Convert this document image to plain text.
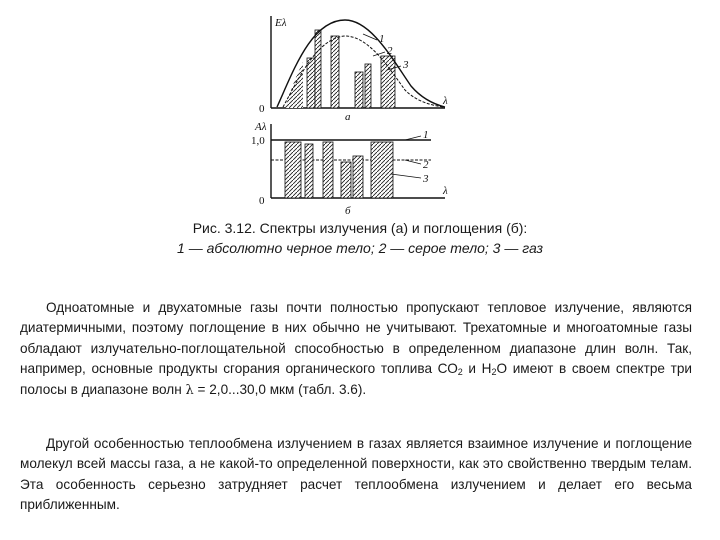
Eλ
0
λ
1
2
3
а
Aλ
1,0
0
λ
1
2
3
б
Рис. 3.12. Спектры излучения (а) и поглощения (б):
1 — абсолютно черное тело; 2 — серое тело; 3 — газ

Одноатомные и двухатомные газы почти полностью пропускают тепловое излучение, являются диатермичными, поэтому поглощение в них обычно не учитывают. Трехатомные и многоатомные газы обладают излучательно-поглощательной способностью в определенном диапазоне длин волн. Так, например, основные продукты сгорания органического топлива $СО_2$ и $Н_2О$ имеют в своем спектре три полосы в диапазоне волн λ = 2,0...30,0 мкм (табл. 3.6).

Другой особенностью теплообмена излучением в газах является взаимное излучение и поглощение молекул всей массы газа, а не какой-то определенной поверхности, как это свойственно твердым телам. Эта особенность серьезно затрудняет расчет теплообмена излучением и делает его весьма приближенным.
